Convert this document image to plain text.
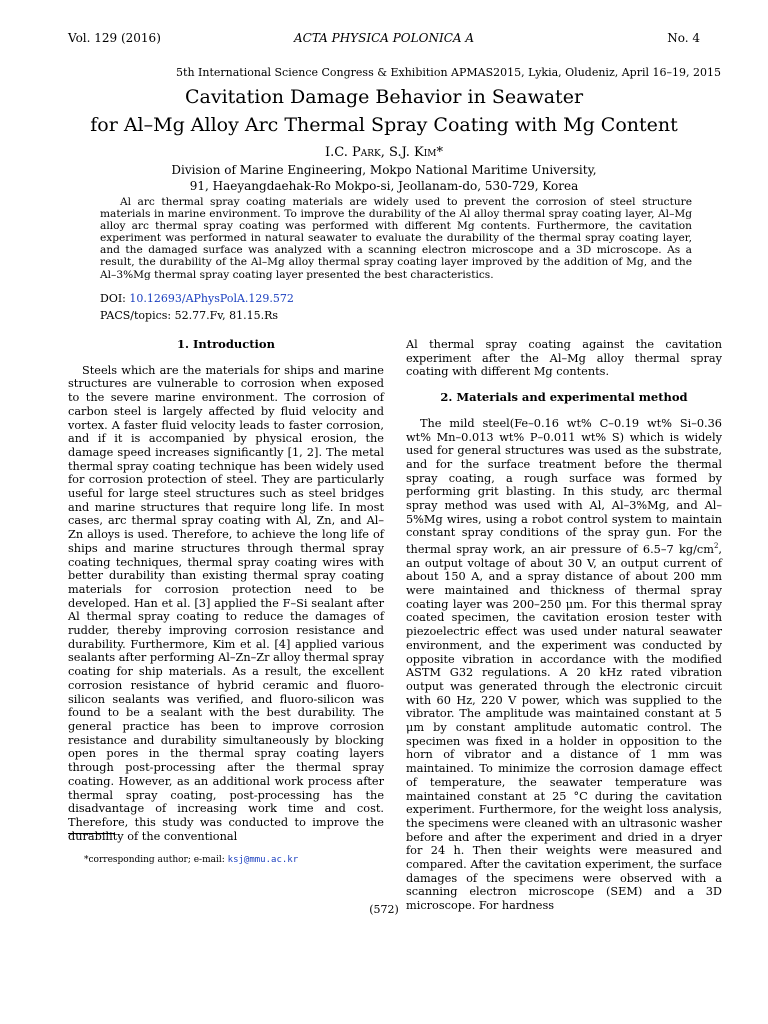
Vol. 129 (2016)	ACTA PHYSICA POLONICA A	No. 4
5th International Science Congress & Exhibition APMAS2015, Lykia, Oludeniz, April 16–19, 2015
Cavitation Damage Behavior in Seawater
for Al–Mg Alloy Arc Thermal Spray Coating with Mg Content
I.C. Park, S.J. Kim*
Division of Marine Engineering, Mokpo National Maritime University,
91, Haeyangdaehak-Ro Mokpo-si, Jeollanam-do, 530-729, Korea
Al arc thermal spray coating materials are widely used to prevent the corrosion of steel structure materials in marine environment. To improve the durability of the Al alloy thermal spray coating layer, Al–Mg alloy arc thermal spray coating was performed with different Mg contents. Furthermore, the cavitation experiment was performed in natural seawater to evaluate the durability of the thermal spray coating layer, and the damaged surface was analyzed with a scanning electron microscope and a 3D microscope. As a result, the durability of the Al–Mg alloy thermal spray coating layer improved by the addition of Mg, and the Al–3%Mg thermal spray coating layer presented the best characteristics.
DOI: 10.12693/APhysPolA.129.572
PACS/topics: 52.77.Fv, 81.15.Rs

1. Introduction

Steels which are the materials for ships and marine structures are vulnerable to corrosion when exposed to the severe marine environment. The corrosion of carbon steel is largely affected by fluid velocity and vortex. A faster fluid velocity leads to faster corrosion, and if it is accompanied by physical erosion, the damage speed increases significantly [1, 2]. The metal thermal spray coating technique has been widely used for corrosion protection of steel. They are particularly useful for large steel structures such as steel bridges and marine structures that require long life. In most cases, arc thermal spray coating with Al, Zn, and Al–Zn alloys is used. Therefore, to achieve the long life of ships and marine structures through thermal spray coating techniques, thermal spray coating wires with better durability than existing thermal spray coating materials for corrosion protection need to be developed. Han et al. [3] applied the F–Si sealant after Al thermal spray coating to reduce the damages of rudder, thereby improving corrosion resistance and durability. Furthermore, Kim et al. [4] applied various sealants after performing Al–Zn–Zr alloy thermal spray coating for ship materials. As a result, the excellent corrosion resistance of hybrid ceramic and fluoro-silicon sealants was verified, and fluoro-silicon was found to be a sealant with the best durability. The general practice has been to improve corrosion resistance and durability simultaneously by blocking open pores in the thermal spray coating layers through post-processing after the thermal spray coating. However, as an additional work process after thermal spray coating, post-processing has the disadvantage of increasing work time and cost. Therefore, this study was conducted to improve the durability of the conventional

Al thermal spray coating against the cavitation experiment after the Al–Mg alloy thermal spray coating with different Mg contents.

2. Materials and experimental method

The mild steel(Fe–0.16 wt% C–0.19 wt% Si–0.36 wt% Mn–0.013 wt% P–0.011 wt% S) which is widely used for general structures was used as the substrate, and for the surface treatment before the thermal spray coating, a rough surface was formed by performing grit blasting. In this study, arc thermal spray method was used with Al, Al–3%Mg, and Al–5%Mg wires, using a robot control system to maintain constant spray conditions of the spray gun. For the thermal spray work, an air pressure of 6.5–7 $kg/cm^2$, an output voltage of about 30 V, an output current of about 150 A, and a spray distance of about 200 mm were maintained and thickness of thermal spray coating layer was 200–250 μm. For this thermal spray coated specimen, the cavitation erosion tester with piezoelectric effect was used under natural seawater environment, and the experiment was conducted by opposite vibration in accordance with the modified ASTM G32 regulations. A 20 kHz rated vibration output was generated through the electronic circuit with 60 Hz, 220 V power, which was supplied to the vibrator. The amplitude was maintained constant at 5 μm by constant amplitude automatic control. The specimen was fixed in a holder in opposition to the horn of vibrator and a distance of 1 mm was maintained. To minimize the corrosion damage effect of temperature, the seawater temperature was maintained constant at 25 °C during the cavitation experiment. Furthermore, for the weight loss analysis, the specimens were cleaned with an ultrasonic washer before and after the experiment and dried in a dryer for 24 h. Then their weights were measured and compared. After the cavitation experiment, the surface damages of the specimens were observed with a scanning electron microscope (SEM) and a 3D microscope. For hardness

*corresponding author; e-mail: ksj@mmu.ac.kr
(572)
